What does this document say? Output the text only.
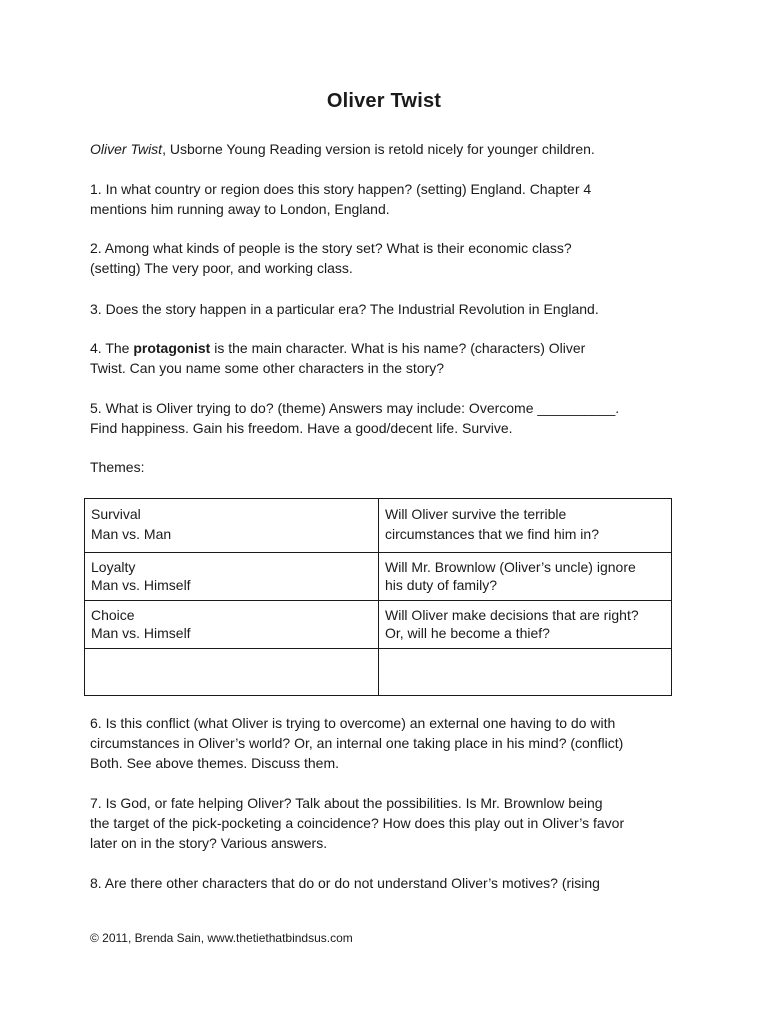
Oliver Twist
Oliver Twist, Usborne Young Reading version is retold nicely for younger children.
1. In what country or region does this story happen? (setting) England. Chapter 4
mentions him running away to London, England.
2. Among what kinds of people is the story set? What is their economic class?
(setting) The very poor, and working class.
3. Does the story happen in a particular era? The Industrial Revolution in England.
4. The protagonist is the main character. What is his name? (characters) Oliver
Twist. Can you name some other characters in the story?
5. What is Oliver trying to do? (theme) Answers may include: Overcome __________.
Find happiness. Gain his freedom. Have a good/decent life. Survive.
Themes:
Survival
Man vs. Man	Will Oliver survive the terrible
circumstances that we find him in?

Loyalty
Man vs. Himself	Will Mr. Brownlow (Oliver’s uncle) ignore
his duty of family?

Choice
Man vs. Himself	Will Oliver make decisions that are right?
Or, will he become a thief?

6. Is this conflict (what Oliver is trying to overcome) an external one having to do with
circumstances in Oliver’s world? Or, an internal one taking place in his mind? (conflict)
Both. See above themes. Discuss them.
7. Is God, or fate helping Oliver? Talk about the possibilities. Is Mr. Brownlow being
the target of the pick-pocketing a coincidence? How does this play out in Oliver’s favor
later on in the story? Various answers.
8. Are there other characters that do or do not understand Oliver’s motives? (rising
© 2011, Brenda Sain, www.thetiethatbindsus.com
